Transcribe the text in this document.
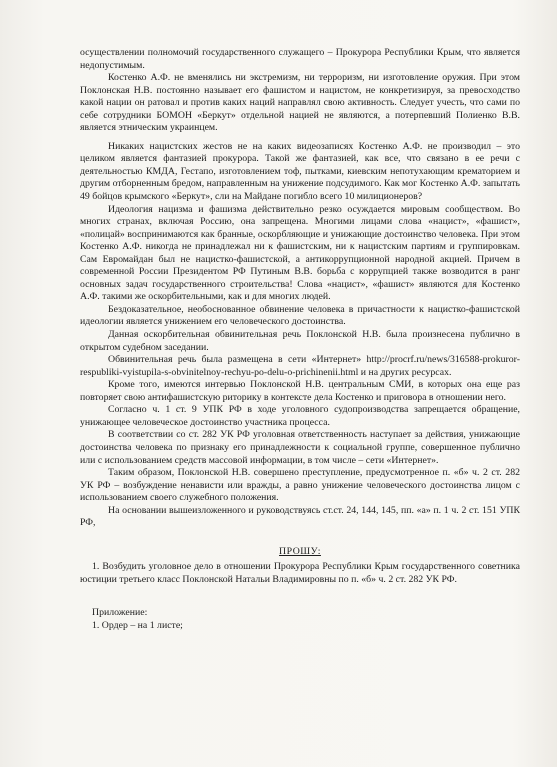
осуществлении полномочий государственного служащего – Прокурора Республики Крым, что является недопустимым.

Костенко А.Ф. не вменялись ни экстремизм, ни терроризм, ни изготовление оружия. При этом Поклонская Н.В. постоянно называет его фашистом и нацистом, не конкретизируя, за превосходство какой нации он ратовал и против каких наций направлял свою активность. Следует учесть, что сами по себе сотрудники БОМОН «Беркут» отдельной нацией не являются, а потерпевший Полиенко В.В. является этническим украинцем.

Никаких нацистских жестов не на каких видеозаписях Костенко А.Ф. не производил – это целиком является фантазией прокурора. Такой же фантазией, как все, что связано в ее речи с деятельностью КМДА, Гестапо, изготовлением тоф, пытками, киевским непотухающим крематорием и другим отборненным бредом, направленным на унижение подсудимого. Как мог Костенко А.Ф. запытать 49 бойцов крымского «Беркут», сли на Майдане погибло всего 10 милиционеров?

Идеология нацизма и фашизма действительно резко осуждается мировым сообществом. Во многих странах, включая Россию, она запрещена. Многими лицами слова «нацист», «фашист», «полицай» воспринимаются как бранные, оскорбляющие и унижающие достоинство человека. При этом Костенко А.Ф. никогда не принадлежал ни к фашистским, ни к нацистским партиям и группировкам. Сам Евромайдан был не нацистко-фашистской, а антикоррупционной народной акцией. Причем в современной России Президентом РФ Путиным В.В. борьба с коррупцией также возводится в ранг основных задач государственного строительства! Слова «нацист», «фашист» являются для Костенко А.Ф. такими же оскорбительными, как и для многих людей.

Бездоказательное, необоснованное обвинение человека в причастности к нацистко-фашистской идеологии является унижением его человеческого достоинства.

Данная оскорбительная обвинительная речь Поклонской Н.В. была произнесена публично в открытом судебном заседании.

Обвинительная речь была размещена в сети «Интернет» http://procrf.ru/news/316588-prokuror-respubliki-vyistupila-s-obvinitelnoy-rechyu-po-delu-o-prichinenii.html и на других ресурсах.

Кроме того, имеются интервью Поклонской Н.В. центральным СМИ, в которых она еще раз повторяет свою антифашистскую риторику в контексте дела Костенко и приговора в отношении него.

Согласно ч. 1 ст. 9 УПК РФ в ходе уголовного судопроизводства запрещается обращение, унижающее человеческое достоинство участника процесса.

В соответствии со ст. 282 УК РФ уголовная ответственность наступает за действия, унижающие достоинства человека по признаку его принадлежности к социальной группе, совершенное публично или с использованием средств массовой информации, в том числе – сети «Интернет».

Таким образом, Поклонской Н.В. совершено преступление, предусмотренное п. «б» ч. 2 ст. 282 УК РФ – возбуждение ненависти или вражды, а равно унижение человеческого достоинства лицом с использованием своего служебного положения.

На основании вышеизложенного и руководствуясь ст.ст. 24, 144, 145, пп. «а» п. 1 ч. 2 ст. 151 УПК РФ,

ПРОШУ:

1. Возбудить уголовное дело в отношении Прокурора Республики Крым государственного советника юстиции третьего класс Поклонской Натальи Владимировны по п. «б» ч. 2 ст. 282 УК РФ.

Приложение:

1. Ордер – на 1 листе;
